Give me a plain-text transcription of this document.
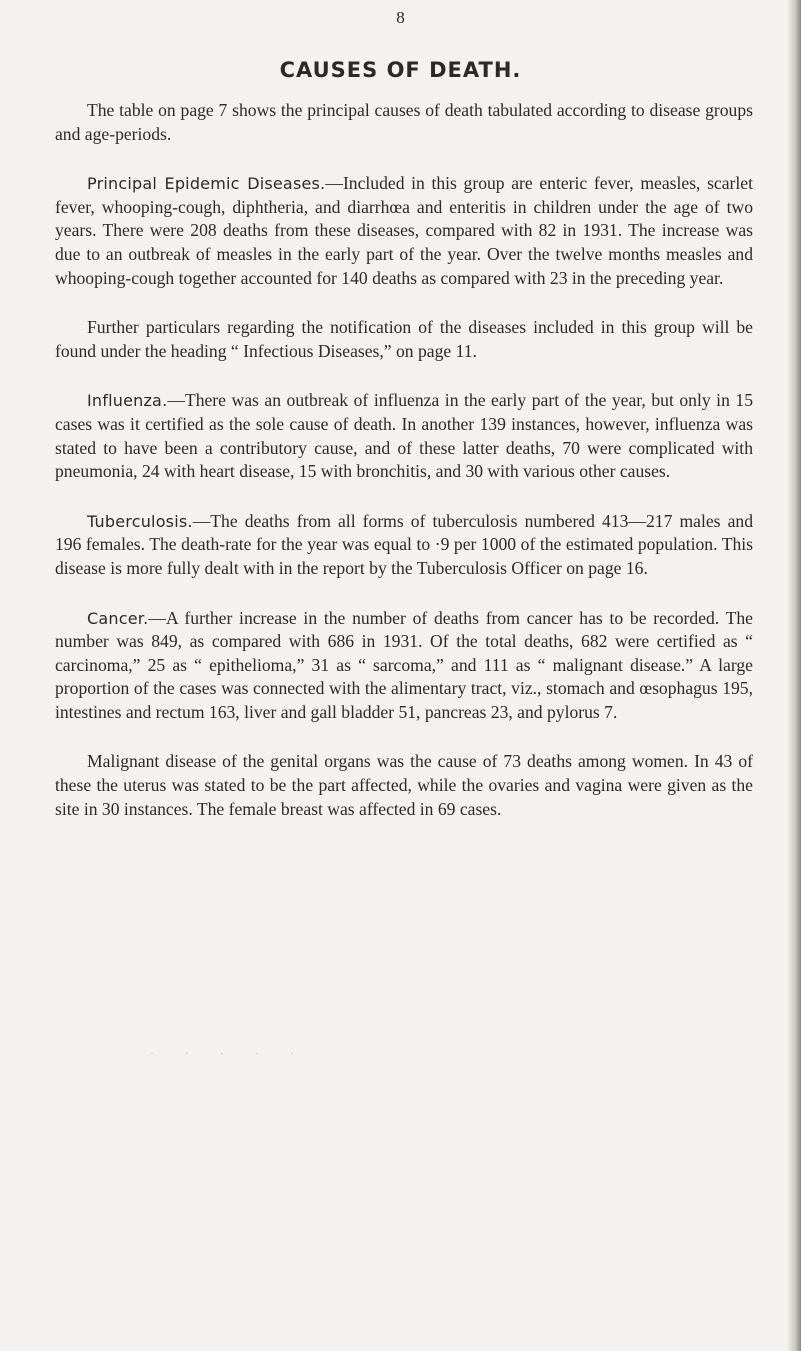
8
CAUSES OF DEATH.

The table on page 7 shows the principal causes of death tabulated according to disease groups and age-periods.

Principal Epidemic Diseases.—Included in this group are enteric fever, measles, scarlet fever, whooping-cough, diphtheria, and diarrhœa and enteritis in children under the age of two years. There were 208 deaths from these diseases, compared with 82 in 1931. The increase was due to an outbreak of measles in the early part of the year. Over the twelve months measles and whooping-cough together accounted for 140 deaths as compared with 23 in the preceding year.

Further particulars regarding the notification of the diseases included in this group will be found under the heading “ Infectious Diseases,” on page 11.

Influenza.—There was an outbreak of influenza in the early part of the year, but only in 15 cases was it certified as the sole cause of death. In another 139 instances, however, influenza was stated to have been a contributory cause, and of these latter deaths, 70 were complicated with pneumonia, 24 with heart disease, 15 with bronchitis, and 30 with various other causes.

Tuberculosis.—The deaths from all forms of tuberculosis numbered 413—217 males and 196 females. The death-rate for the year was equal to ·9 per 1000 of the estimated population. This disease is more fully dealt with in the report by the Tuberculosis Officer on page 16.

Cancer.—A further increase in the number of deaths from cancer has to be recorded. The number was 849, as compared with 686 in 1931. Of the total deaths, 682 were certified as “ carcinoma,” 25 as “ epithelioma,” 31 as “ sarcoma,” and 111 as “ malignant disease.” A large proportion of the cases was connected with the alimentary tract, viz., stomach and œsophagus 195, intestines and rectum 163, liver and gall bladder 51, pancreas 23, and pylorus 7.

Malignant disease of the genital organs was the cause of 73 deaths among women. In 43 of these the uterus was stated to be the part affected, while the ovaries and vagina were given as the site in 30 instances. The female breast was affected in 69 cases.

· · · · ·
